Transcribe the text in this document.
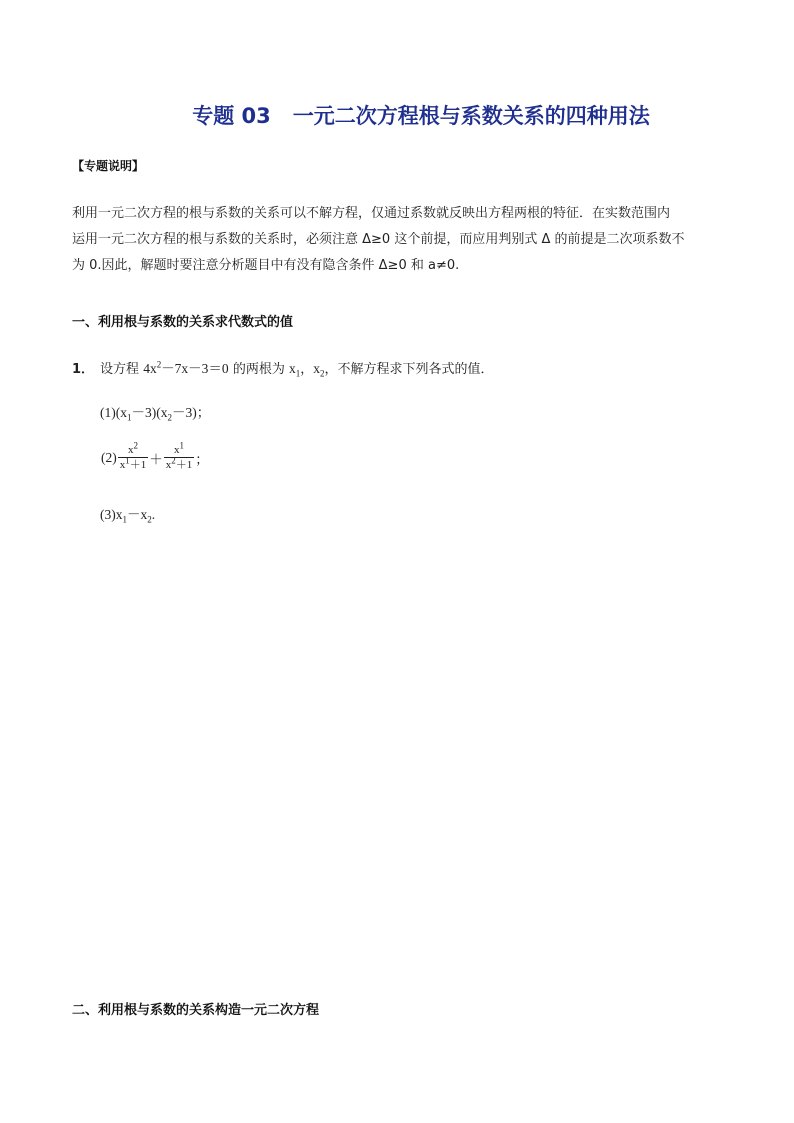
专题 03 一元二次方程根与系数关系的四种用法
【专题说明】

利用一元二次方程的根与系数的关系可以不解方程，仅通过系数就反映出方程两根的特征．在实数范围内

运用一元二次方程的根与系数的关系时，必须注意 Δ≥0 这个前提，而应用判别式 Δ 的前提是二次项系数不

为 0.因此，解题时要注意分析题目中有没有隐含条件 Δ≥0 和 a≠0.

一、利用根与系数的关系求代数式的值
1． 设方程 $4x^2-7x-3=0$ 的两根为 $x_1$，$x_2$，不解方程求下列各式的值．
$(1)(x_1-3)(x_2-3)$；
$(2) \frac{x^2}{x^1+1} + \frac{x^1}{x^2+1}$ ；
$(3)x_1-x_2$.
二、利用根与系数的关系构造一元二次方程
